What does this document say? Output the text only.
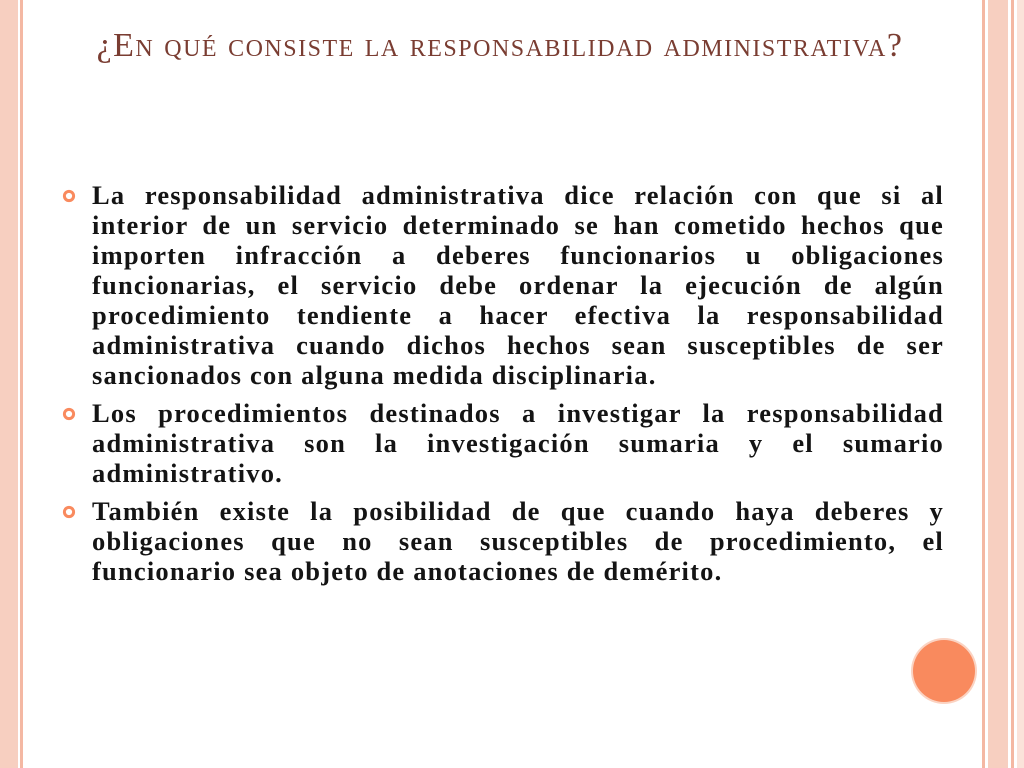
¿En qué consiste la responsabilidad administrativa?
La responsabilidad administrativa dice relación con que si al interior de un servicio determinado se han cometido hechos que importen infracción a deberes funcionarios u obligaciones funcionarias, el servicio debe ordenar la ejecución de algún procedimiento tendiente a hacer efectiva la responsabilidad administrativa cuando dichos hechos sean susceptibles de ser sancionados con alguna medida disciplinaria.
Los procedimientos destinados a investigar la responsabilidad administrativa son la investigación sumaria y el sumario administrativo.
También existe la posibilidad de que cuando haya deberes y obligaciones que no sean susceptibles de procedimiento, el funcionario sea objeto de anotaciones de demérito.
